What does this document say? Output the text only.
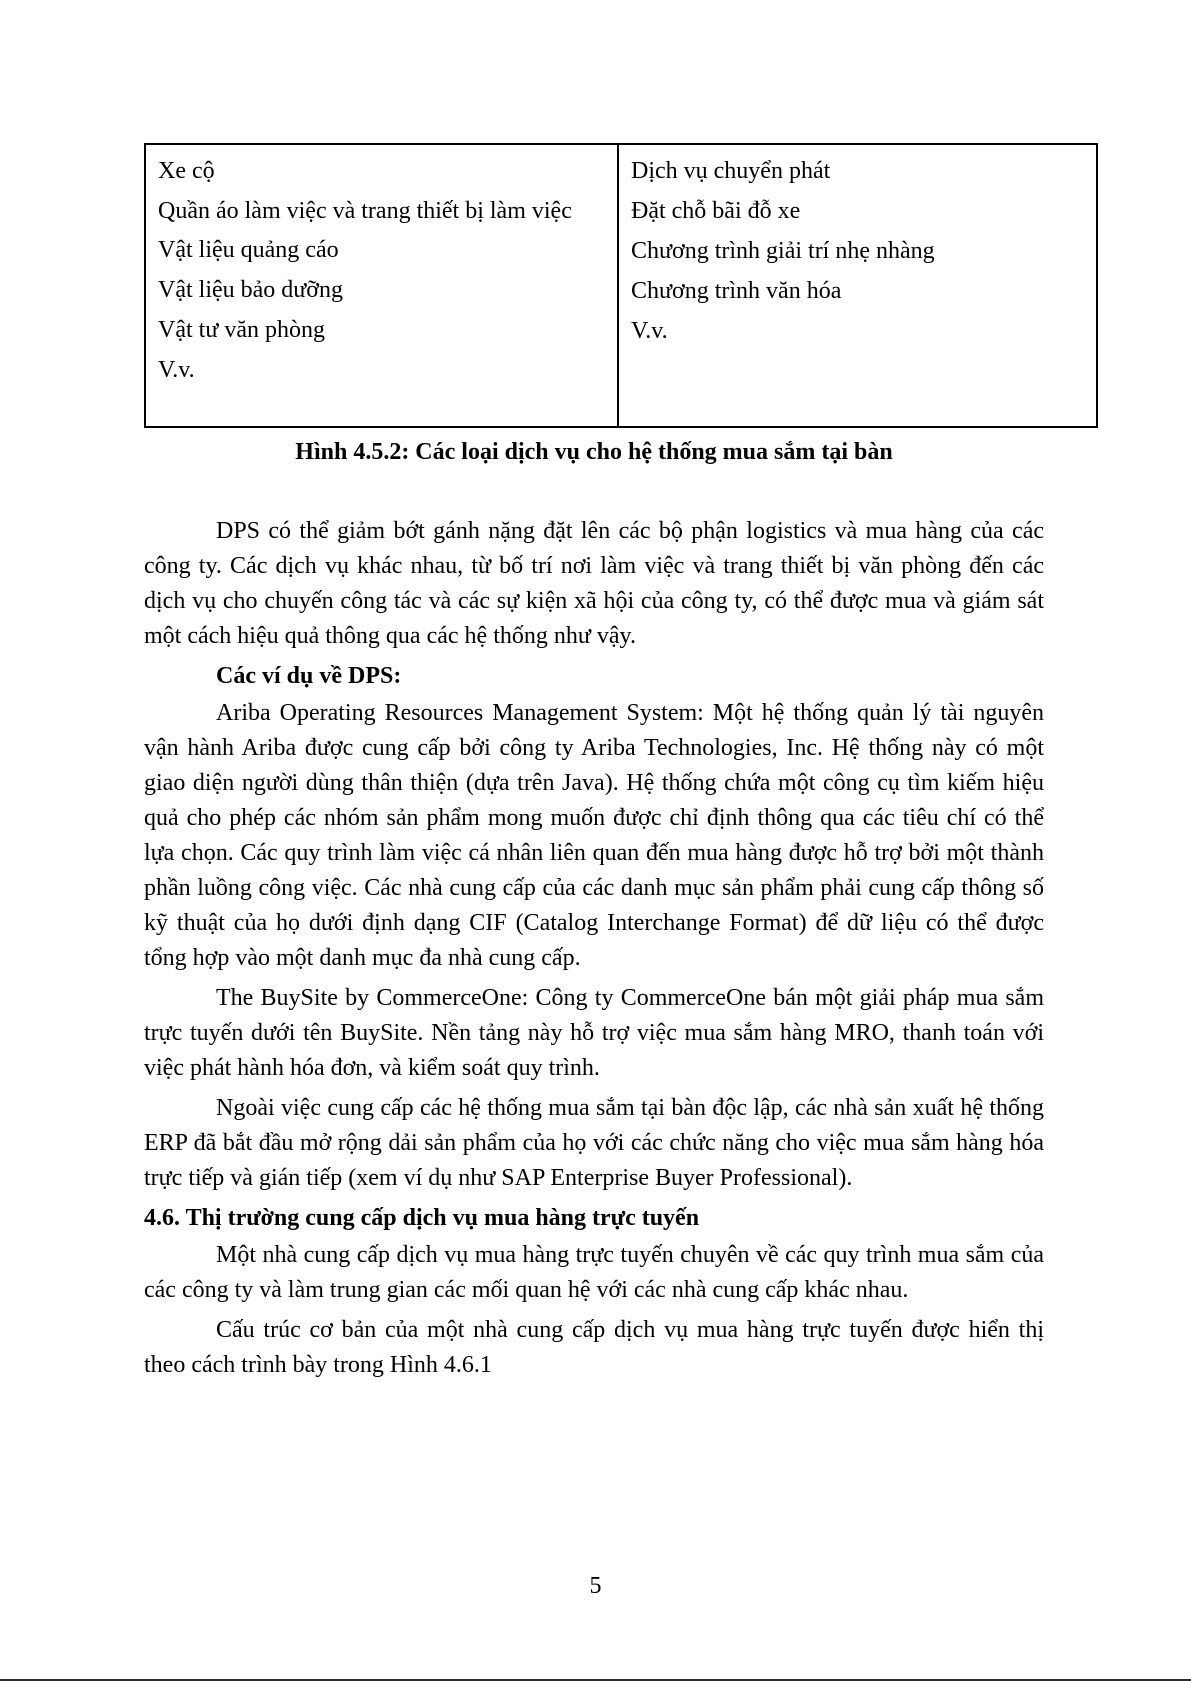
Xe cộ
Quần áo làm việc và trang thiết bị làm việc
Vật liệu quảng cáo
Vật liệu bảo dưỡng
Vật tư văn phòng
V.v.

Dịch vụ chuyển phát
Đặt chỗ bãi đỗ xe
Chương trình giải trí nhẹ nhàng
Chương trình văn hóa
V.v.
Hình 4.5.2: Các loại dịch vụ cho hệ thống mua sắm tại bàn

DPS có thể giảm bớt gánh nặng đặt lên các bộ phận logistics và mua hàng của các công ty. Các dịch vụ khác nhau, từ bố trí nơi làm việc và trang thiết bị văn phòng đến các dịch vụ cho chuyến công tác và các sự kiện xã hội của công ty, có thể được mua và giám sát một cách hiệu quả thông qua các hệ thống như vậy.

Các ví dụ về DPS:

Ariba Operating Resources Management System: Một hệ thống quản lý tài nguyên vận hành Ariba được cung cấp bởi công ty Ariba Technologies, Inc. Hệ thống này có một giao diện người dùng thân thiện (dựa trên Java). Hệ thống chứa một công cụ tìm kiếm hiệu quả cho phép các nhóm sản phẩm mong muốn được chỉ định thông qua các tiêu chí có thể lựa chọn. Các quy trình làm việc cá nhân liên quan đến mua hàng được hỗ trợ bởi một thành phần luồng công việc. Các nhà cung cấp của các danh mục sản phẩm phải cung cấp thông số kỹ thuật của họ dưới định dạng CIF (Catalog Interchange Format) để dữ liệu có thể được tổng hợp vào một danh mục đa nhà cung cấp.

The BuySite by CommerceOne: Công ty CommerceOne bán một giải pháp mua sắm trực tuyến dưới tên BuySite. Nền tảng này hỗ trợ việc mua sắm hàng MRO, thanh toán với việc phát hành hóa đơn, và kiểm soát quy trình.

Ngoài việc cung cấp các hệ thống mua sắm tại bàn độc lập, các nhà sản xuất hệ thống ERP đã bắt đầu mở rộng dải sản phẩm của họ với các chức năng cho việc mua sắm hàng hóa trực tiếp và gián tiếp (xem ví dụ như SAP Enterprise Buyer Professional).

4.6. Thị trường cung cấp dịch vụ mua hàng trực tuyến

Một nhà cung cấp dịch vụ mua hàng trực tuyến chuyên về các quy trình mua sắm của các công ty và làm trung gian các mối quan hệ với các nhà cung cấp khác nhau.

Cấu trúc cơ bản của một nhà cung cấp dịch vụ mua hàng trực tuyến được hiển thị theo cách trình bày trong Hình 4.6.1

5
